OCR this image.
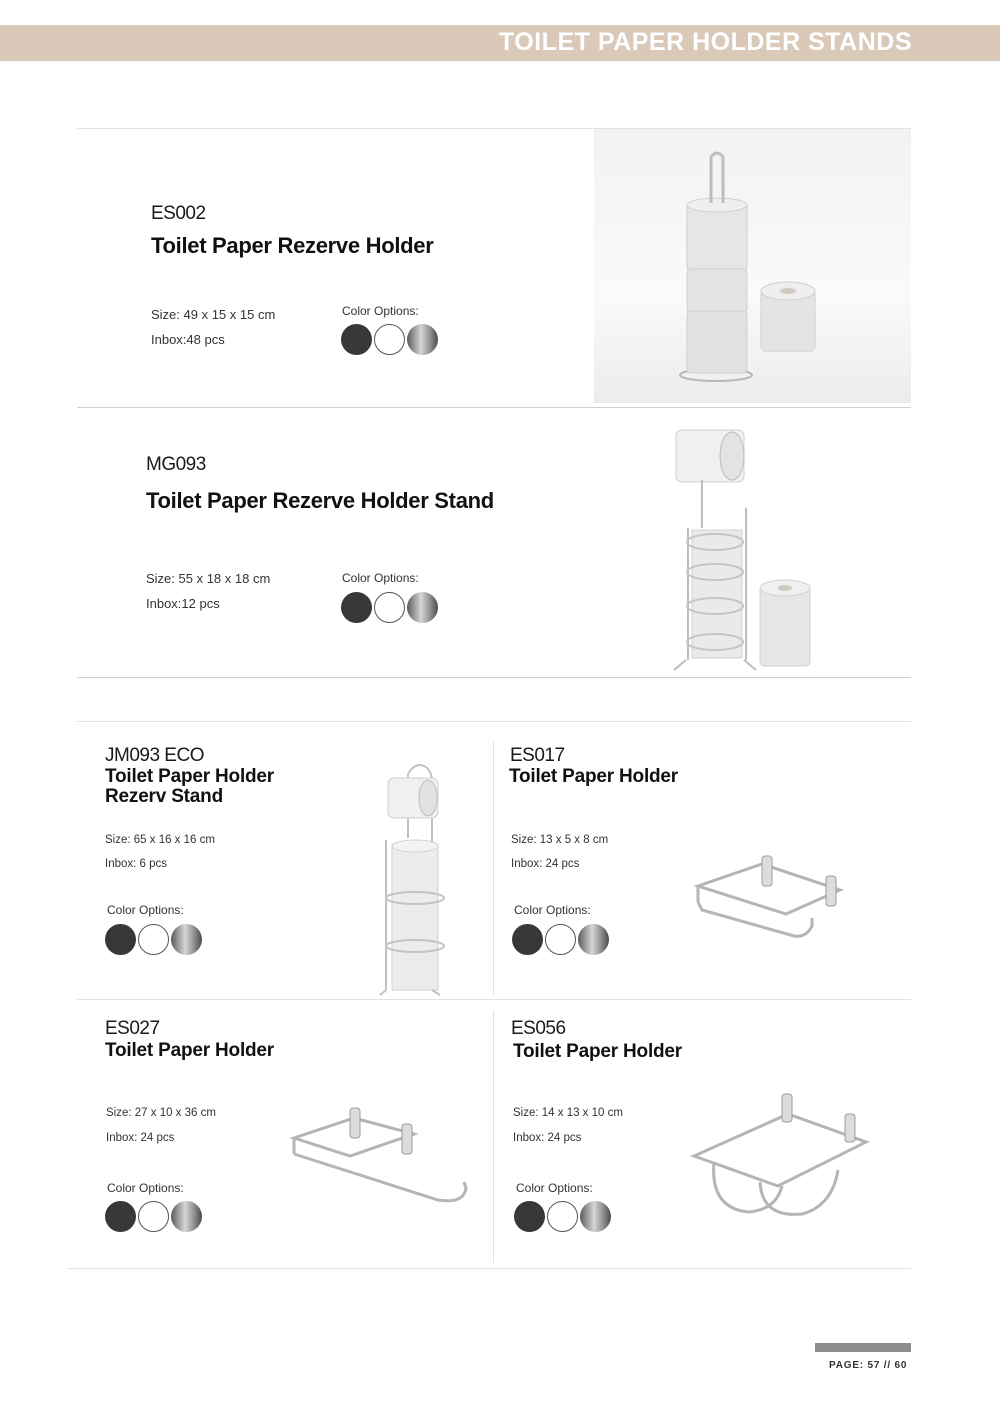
TOILET PAPER HOLDER STANDS
ES002
Toilet Paper Rezerve Holder
Size: 49 x 15 x 15 cm
Inbox:48 pcs
Color Options:
MG093
Toilet Paper Rezerve Holder Stand
Size: 55 x 18 x 18 cm
Inbox:12 pcs
Color Options:
JM093 ECO
Toilet Paper Holder
Rezerv Stand
Size: 65 x 16 x 16 cm
Inbox: 6 pcs
Color Options:
ES017
Toilet Paper Holder
Size: 13 x 5 x 8 cm
Inbox: 24 pcs
Color Options:
ES027
Toilet Paper Holder
Size: 27 x 10 x 36 cm
Inbox: 24 pcs
Color Options:
ES056
Toilet Paper Holder
Size: 14 x 13 x 10 cm
Inbox: 24 pcs
Color Options:
PAGE: 57 // 60
